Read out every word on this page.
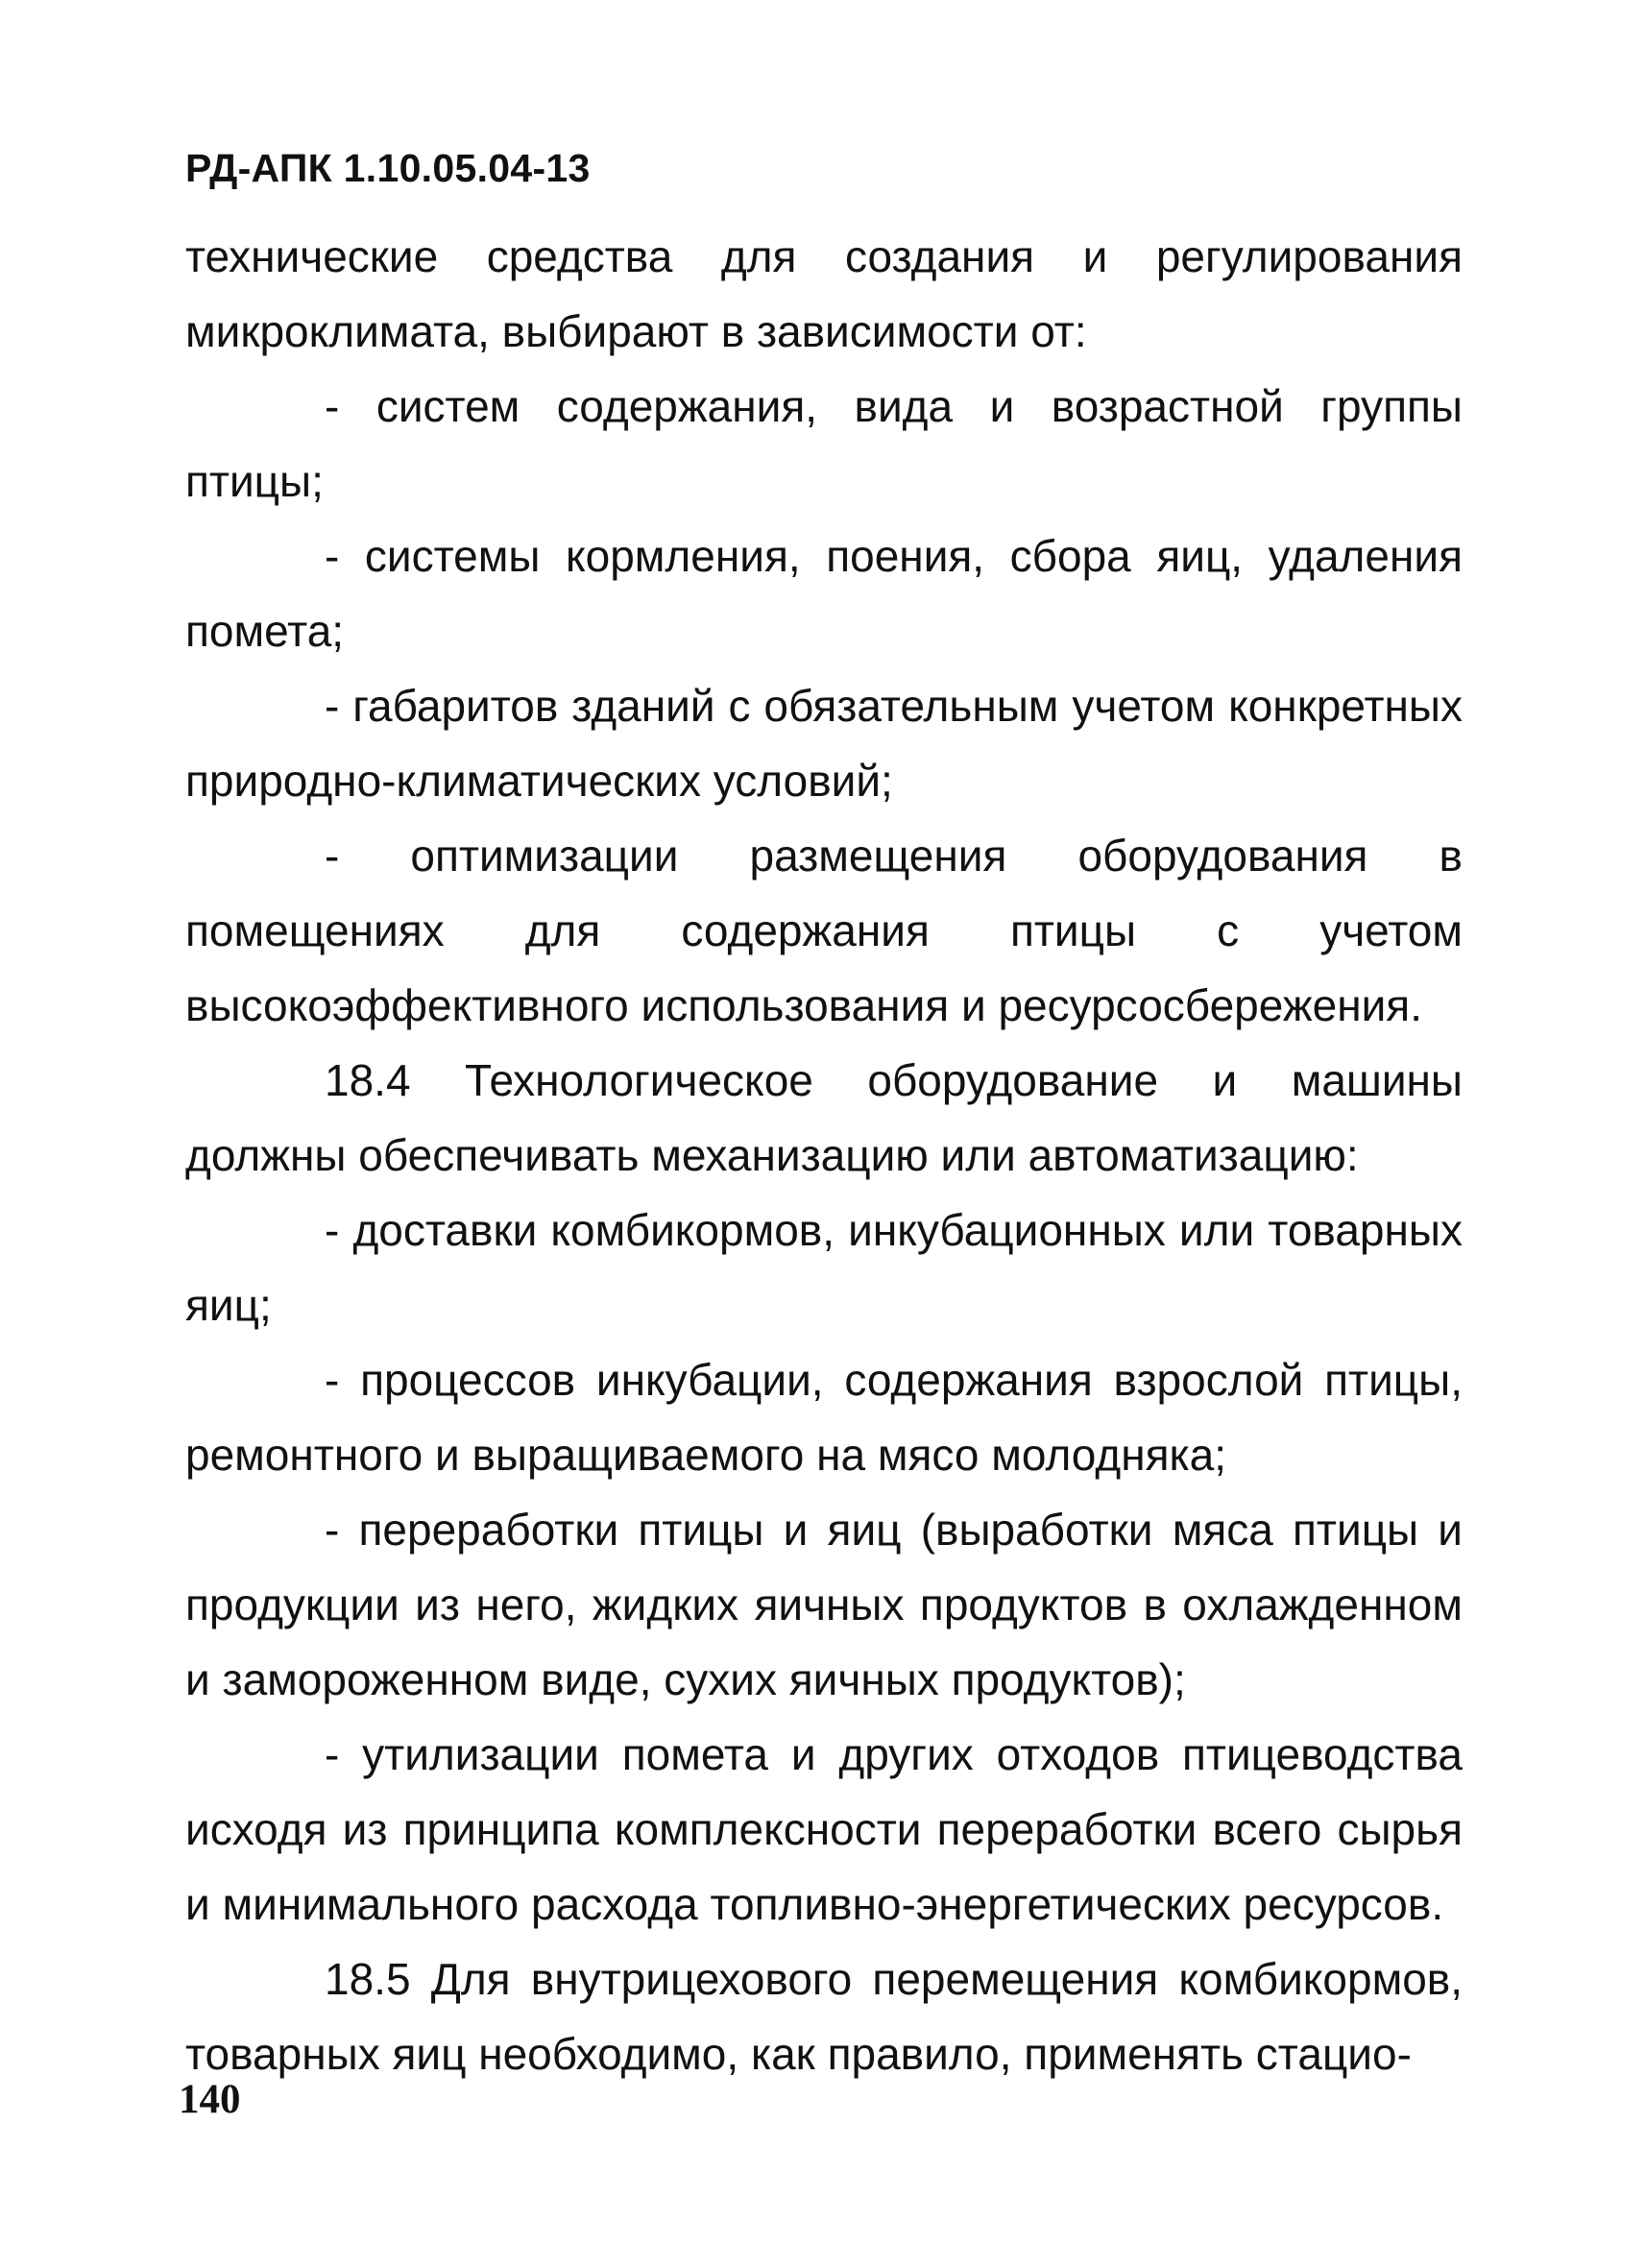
РД-АПК 1.10.05.04-13

технические средства для создания и регулирования микроклимата, выбирают в зависимости от:

- систем содержания, вида и возрастной группы птицы;

- системы кормления, поения, сбора яиц, удаления помета;

- габаритов зданий с обязательным учетом конкретных природно-климатических условий;

- оптимизации размещения оборудования в помещениях для содержания птицы с учетом высокоэффективного использования и ресурсосбережения.

18.4 Технологическое оборудование и машины должны обеспечивать механизацию или автоматизацию:

- доставки комбикормов, инкубационных или товарных яиц;

- процессов инкубации, содержания взрослой птицы, ремонтного и выращиваемого на мясо молодняка;

- переработки птицы и яиц (выработки мяса птицы и продукции из него, жидких яичных продуктов в охлажденном и замороженном виде, сухих яичных продуктов);

- утилизации помета и других отходов птицеводства исходя из принципа комплексности переработки всего сырья и минимального расхода топливно-энергетических ресурсов.

18.5 Для внутрицехового перемещения комбикормов, товарных яиц необходимо, как правило, применять стацио-

140
